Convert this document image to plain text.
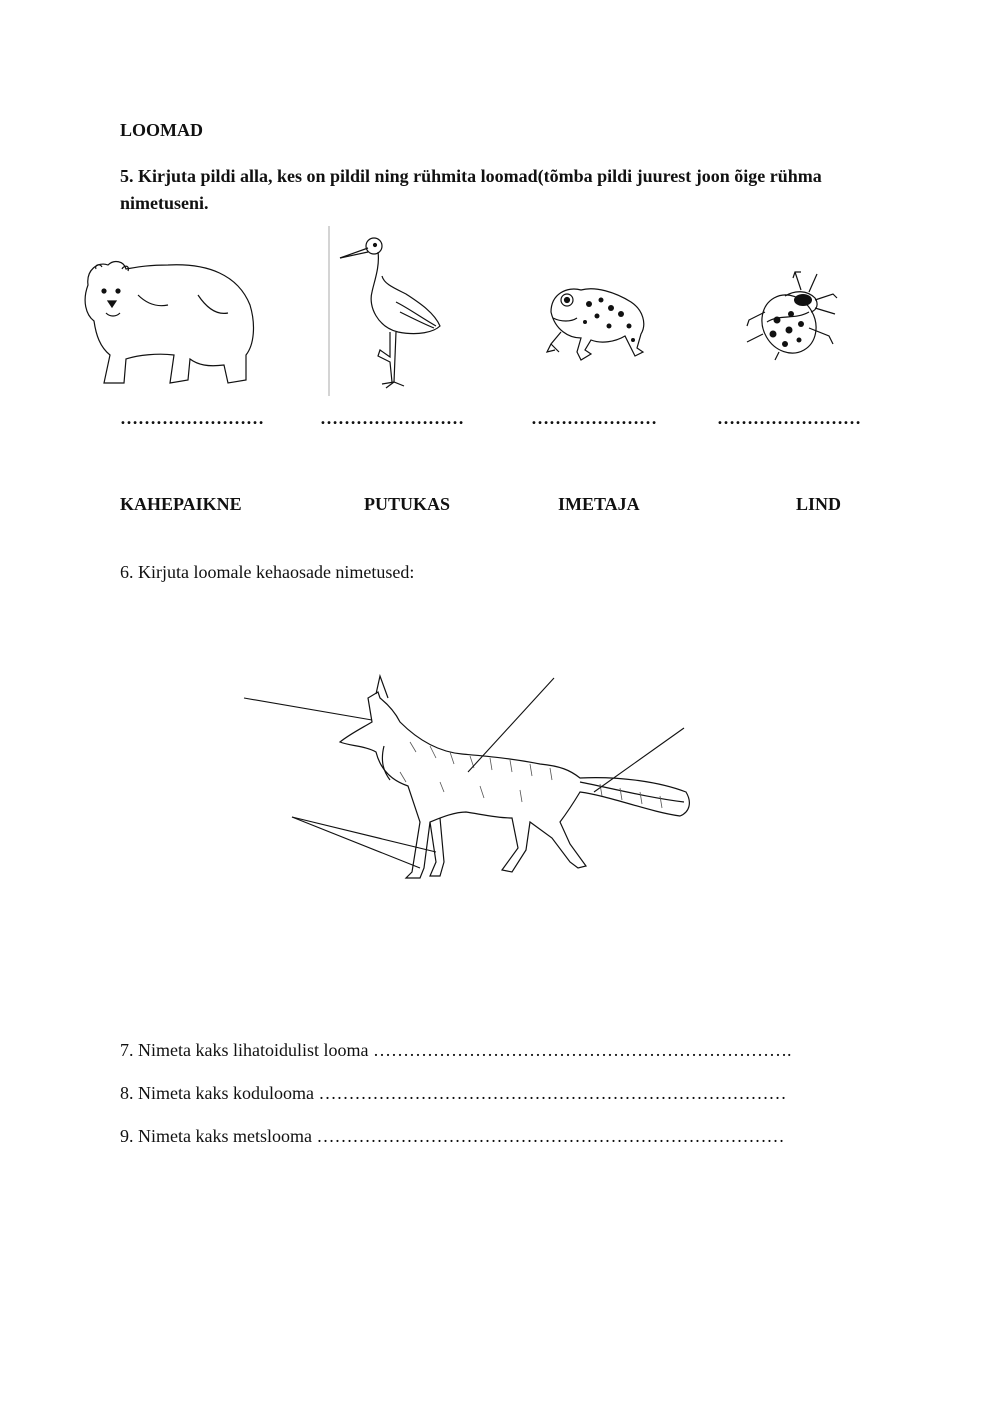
LOOMAD
5. Kirjuta pildi alla, kes on pildil ning rühmita loomad(tõmba pildi juurest joon õige rühma nimetuseni.
……………………	……………………	…………………	……………………
KAHEPAIKNE	PUTUKAS	IMETAJA	LIND
6. Kirjuta loomale kehaosade nimetused:
7. Nimeta kaks lihatoidulist looma …………………………………………………………….
8. Nimeta kaks kodulooma ……………………………………………………………………
9. Nimeta kaks metslooma ……………………………………………………………………
